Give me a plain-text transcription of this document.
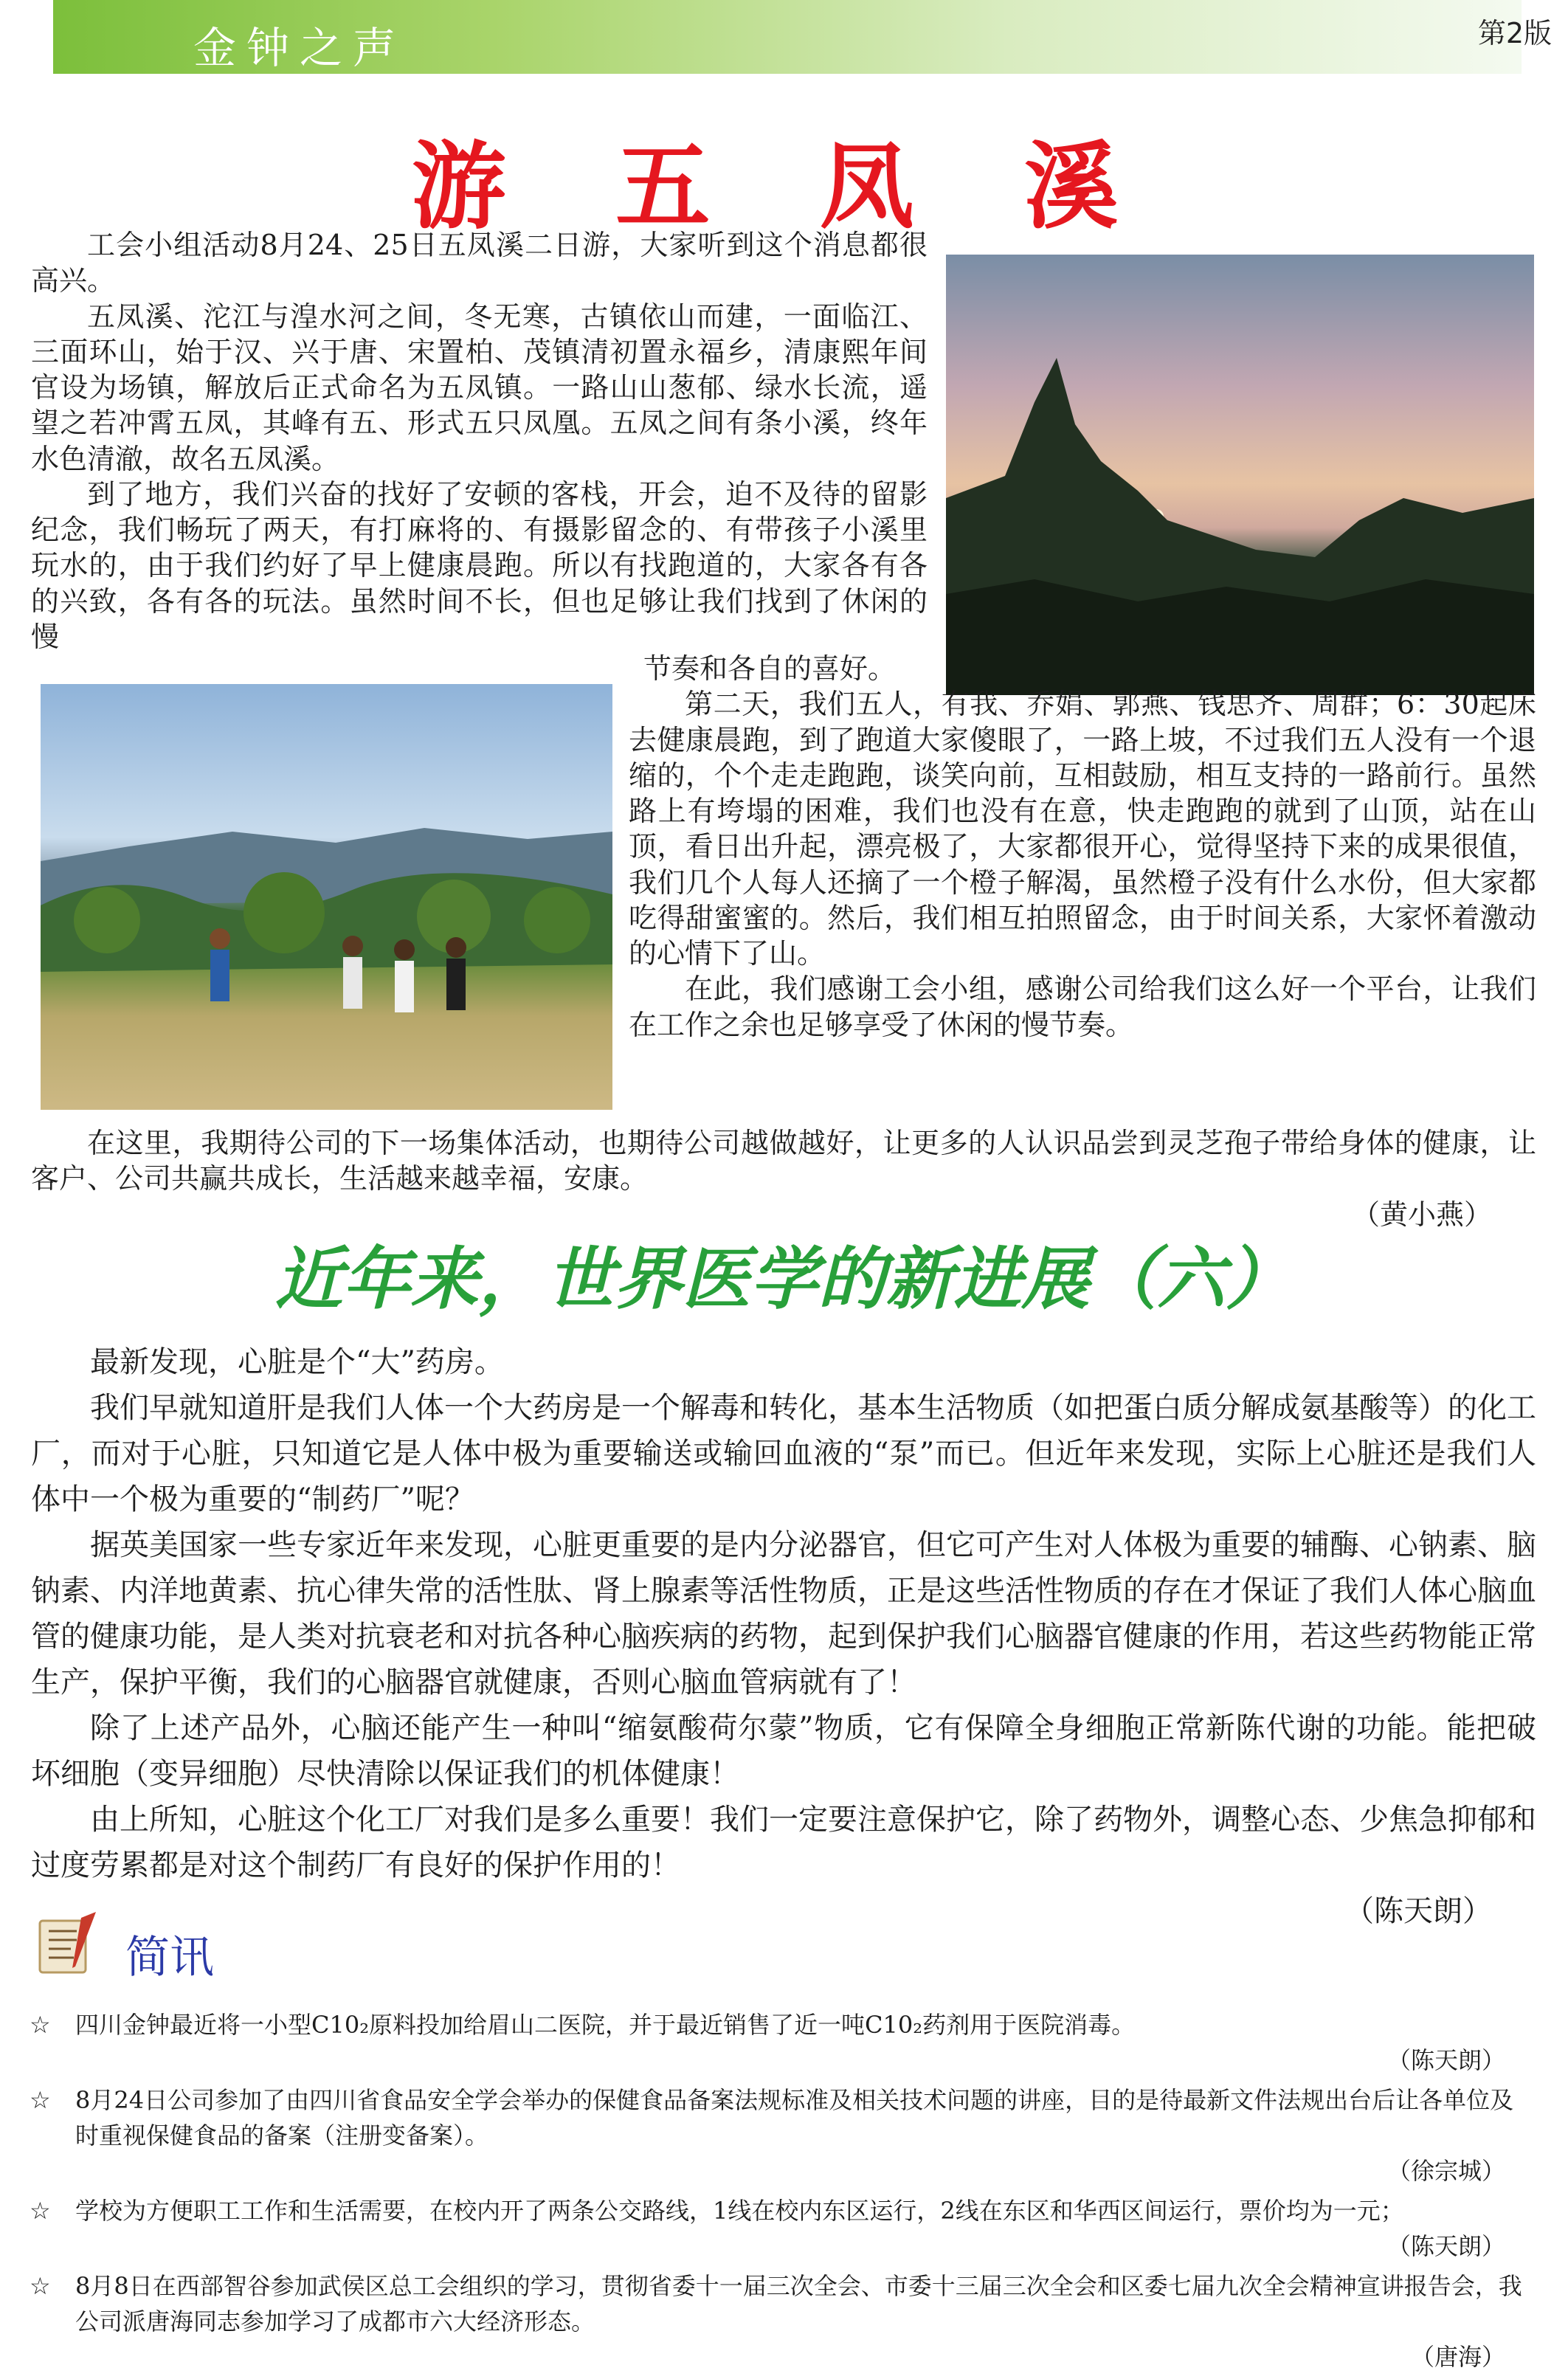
金钟之声	第2版
游 五 凤 溪

工会小组活动8月24、25日五凤溪二日游，大家听到这个消息都很高兴。

五凤溪、沱江与湟水河之间，冬无寒，古镇依山而建，一面临江、三面环山，始于汉、兴于唐、宋置柏、茂镇清初置永福乡，清康熙年间官设为场镇，解放后正式命名为五凤镇。一路山山葱郁、绿水长流，遥望之若冲霄五凤，其峰有五、形式五只凤凰。五凤之间有条小溪，终年水色清澈，故名五凤溪。

到了地方，我们兴奋的找好了安顿的客栈，开会，迫不及待的留影纪念，我们畅玩了两天，有打麻将的、有摄影留念的、有带孩子小溪里玩水的，由于我们约好了早上健康晨跑。所以有找跑道的，大家各有各的兴致，各有各的玩法。虽然时间不长，但也足够让我们找到了休闲的慢

节奏和各自的喜好。

第二天，我们五人，有我、乔娟、郭燕、钱思齐、周群；6：30起床去健康晨跑，到了跑道大家傻眼了，一路上坡，不过我们五人没有一个退缩的，个个走走跑跑，谈笑向前，互相鼓励，相互支持的一路前行。虽然路上有垮塌的困难，我们也没有在意，快走跑跑的就到了山顶，站在山顶，看日出升起，漂亮极了，大家都很开心，觉得坚持下来的成果很值，我们几个人每人还摘了一个橙子解渴，虽然橙子没有什么水份，但大家都吃得甜蜜蜜的。然后，我们相互拍照留念，由于时间关系，大家怀着激动的心情下了山。

在此，我们感谢工会小组，感谢公司给我们这么好一个平台，让我们在工作之余也足够享受了休闲的慢节奏。

在这里，我期待公司的下一场集体活动，也期待公司越做越好，让更多的人认识品尝到灵芝孢子带给身体的健康，让客户、公司共赢共成长，生活越来越幸福，安康。

（黄小燕）

近年来，世界医学的新进展（六）

最新发现，心脏是个“大”药房。

我们早就知道肝是我们人体一个大药房是一个解毒和转化，基本生活物质（如把蛋白质分解成氨基酸等）的化工厂，而对于心脏，只知道它是人体中极为重要输送或输回血液的“泵”而已。但近年来发现，实际上心脏还是我们人体中一个极为重要的“制药厂”呢？

据英美国家一些专家近年来发现，心脏更重要的是内分泌器官，但它可产生对人体极为重要的辅酶、心钠素、脑钠素、内洋地黄素、抗心律失常的活性肽、肾上腺素等活性物质，正是这些活性物质的存在才保证了我们人体心脑血管的健康功能，是人类对抗衰老和对抗各种心脑疾病的药物，起到保护我们心脑器官健康的作用，若这些药物能正常生产，保护平衡，我们的心脑器官就健康，否则心脑血管病就有了！

除了上述产品外，心脑还能产生一种叫“缩氨酸荷尔蒙”物质，它有保障全身细胞正常新陈代谢的功能。能把破坏细胞（变异细胞）尽快清除以保证我们的机体健康！

由上所知，心脏这个化工厂对我们是多么重要！我们一定要注意保护它，除了药物外，调整心态、少焦急抑郁和过度劳累都是对这个制药厂有良好的保护作用的！

（陈天朗）

简讯
☆ 四川金钟最近将一小型C10₂原料投加给眉山二医院，并于最近销售了近一吨C10₂药剂用于医院消毒。
（陈天朗）
☆ 8月24日公司参加了由四川省食品安全学会举办的保健食品备案法规标准及相关技术问题的讲座，目的是待最新文件法规出台后让各单位及时重视保健食品的备案（注册变备案）。
（徐宗城）
☆ 学校为方便职工工作和生活需要，在校内开了两条公交路线，1线在校内东区运行，2线在东区和华西区间运行，票价均为一元；
（陈天朗）
☆ 8月8日在西部智谷参加武侯区总工会组织的学习，贯彻省委十一届三次全会、市委十三届三次全会和区委七届九次全会精神宣讲报告会，我公司派唐海同志参加学习了成都市六大经济形态。
（唐海）
